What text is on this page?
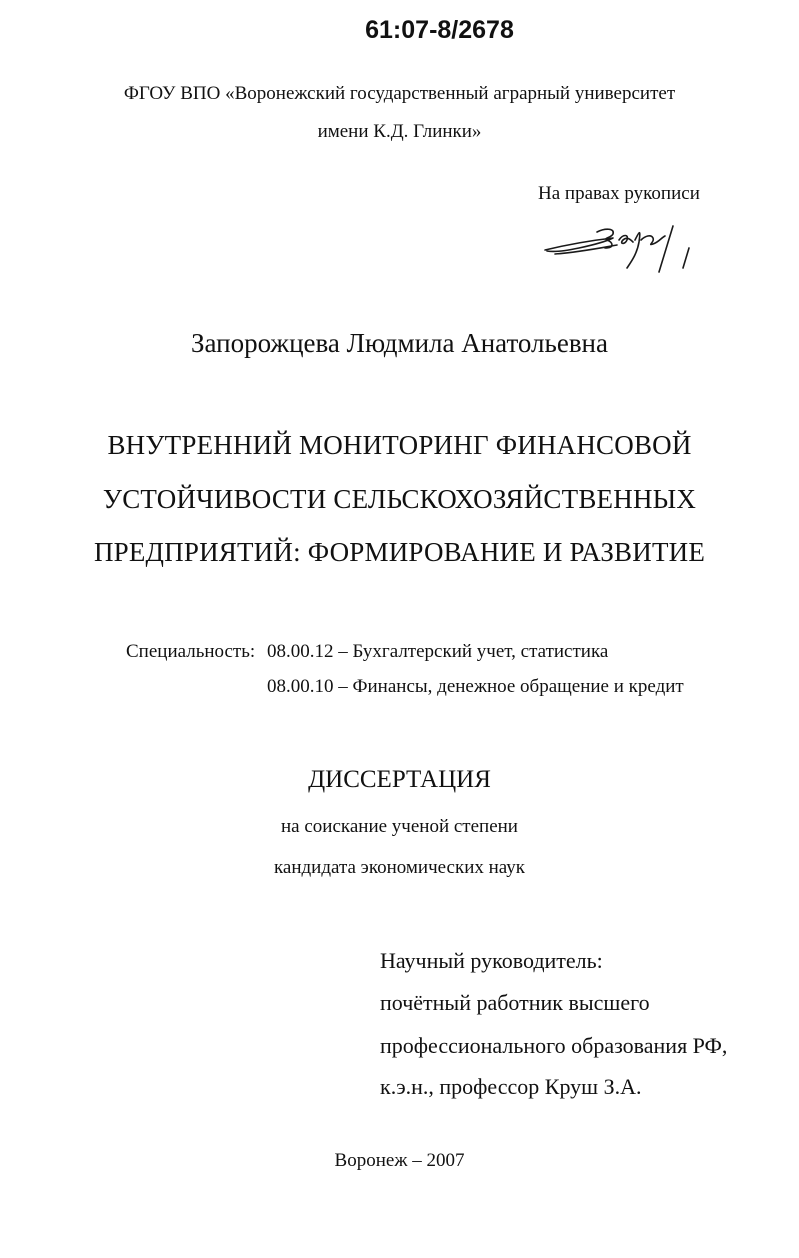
61:07-8/2678
ФГОУ ВПО «Воронежский государственный аграрный университет
имени К.Д. Глинки»
На правах рукописи
Запорожцева Людмила Анатольевна
ВНУТРЕННИЙ МОНИТОРИНГ ФИНАНСОВОЙ
УСТОЙЧИВОСТИ СЕЛЬСКОХОЗЯЙСТВЕННЫХ
ПРЕДПРИЯТИЙ: ФОРМИРОВАНИЕ И РАЗВИТИЕ
Специальность: 08.00.12 – Бухгалтерский учет, статистика
08.00.10 – Финансы, денежное обращение и кредит
ДИССЕРТАЦИЯ
на соискание ученой степени
кандидата экономических наук
Научный руководитель:
почётный работник высшего
профессионального образования РФ,
к.э.н., профессор Круш З.А.
Воронеж – 2007
